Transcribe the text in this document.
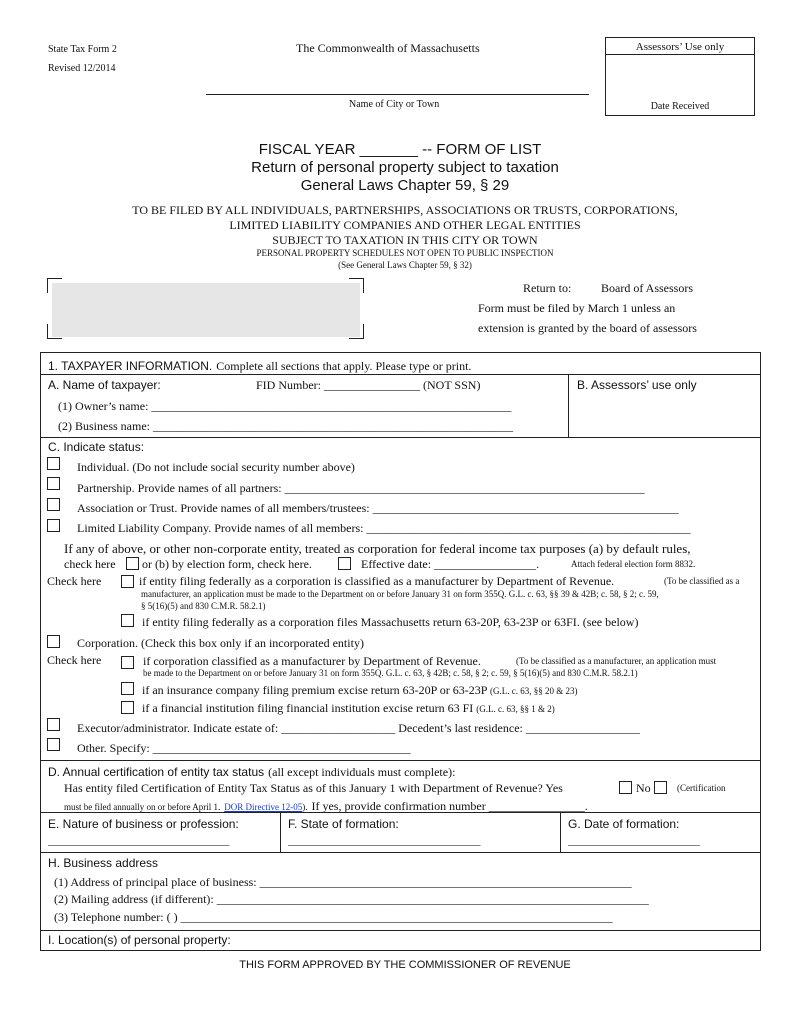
State Tax Form 2
Revised 12/2014
The Commonwealth of Massachusetts
Name of City or Town
Assessors’ Use only
Date Received
FISCAL YEAR _______ -- FORM OF LIST
Return of personal property subject to taxation
General Laws Chapter 59, § 29
TO BE FILED BY ALL INDIVIDUALS, PARTNERSHIPS, ASSOCIATIONS OR TRUSTS, CORPORATIONS,
LIMITED LIABILITY COMPANIES AND OTHER LEGAL ENTITIES
SUBJECT TO TAXATION IN THIS CITY OR TOWN
PERSONAL PROPERTY SCHEDULES NOT OPEN TO PUBLIC INSPECTION
(See General Laws Chapter 59, § 32)
Return to: Board of Assessors
Form must be filed by March 1 unless an
extension is granted by the board of assessors
1. TAXPAYER INFORMATION. Complete all sections that apply. Please type or print.
A. Name of taxpayer:	FID Number: ________________ (NOT SSN)	B. Assessors’ use only
(1) Owner’s name: ____________________________________________________________
(2) Business name: ____________________________________________________________
C. Indicate status:
Individual. (Do not include social security number above)
Partnership. Provide names of all partners: ____________________________________________________________
Association or Trust. Provide names of all members/trustees: ___________________________________________________
Limited Liability Company. Provide names of all members: ______________________________________________________
If any of above, or other non-corporate entity, treated as corporation for federal income tax purposes (a) by default rules,
check here or (b) by election form, check here.	Effective date: _________________.	Attach federal election form 8832.
Check here	if entity filing federally as a corporation is classified as a manufacturer by Department of Revenue.	(To be classified as a
manufacturer, an application must be made to the Department on or before January 31 on form 355Q. G.L. c. 63, §§ 39 & 42B; c. 58, § 2; c. 59,
§ 5(16)(5) and 830 C.M.R. 58.2.1)
if entity filing federally as a corporation files Massachusetts return 63-20P, 63-23P or 63FI. (see below)
Corporation. (Check this box only if an incorporated entity)
Check here	if corporation classified as a manufacturer by Department of Revenue.	(To be classified as a manufacturer, an application must
be made to the Department on or before January 31 on form 355Q. G.L. c. 63, § 42B; c. 58, § 2; c. 59, § 5(16)(5) and 830 C.M.R. 58.2.1)
if an insurance company filing premium excise return 63-20P or 63-23P (G.L. c. 63, §§ 20 & 23)
if a financial institution filing financial institution excise return 63 FI (G.L. c. 63, §§ 1 & 2)
Executor/administrator. Indicate estate of: ___________________ Decedent’s last residence: ___________________
Other. Specify: ___________________________________________
D. Annual certification of entity tax status (all except individuals must complete):
Has entity filed Certification of Entity Tax Status as of this January 1 with Department of Revenue? Yes	No	(Certification
must be filed annually on or before April 1. DOR Directive 12-05). If yes, provide confirmation number ________________.
E. Nature of business or profession:
_________________________________
F. State of formation:
___________________________________
G. Date of formation:
________________________
H. Business address
(1) Address of principal place of business: ______________________________________________________________
(2) Mailing address (if different): ________________________________________________________________________
(3) Telephone number: ( ) ________________________________________________________________________
I. Location(s) of personal property:
THIS FORM APPROVED BY THE COMMISSIONER OF REVENUE
